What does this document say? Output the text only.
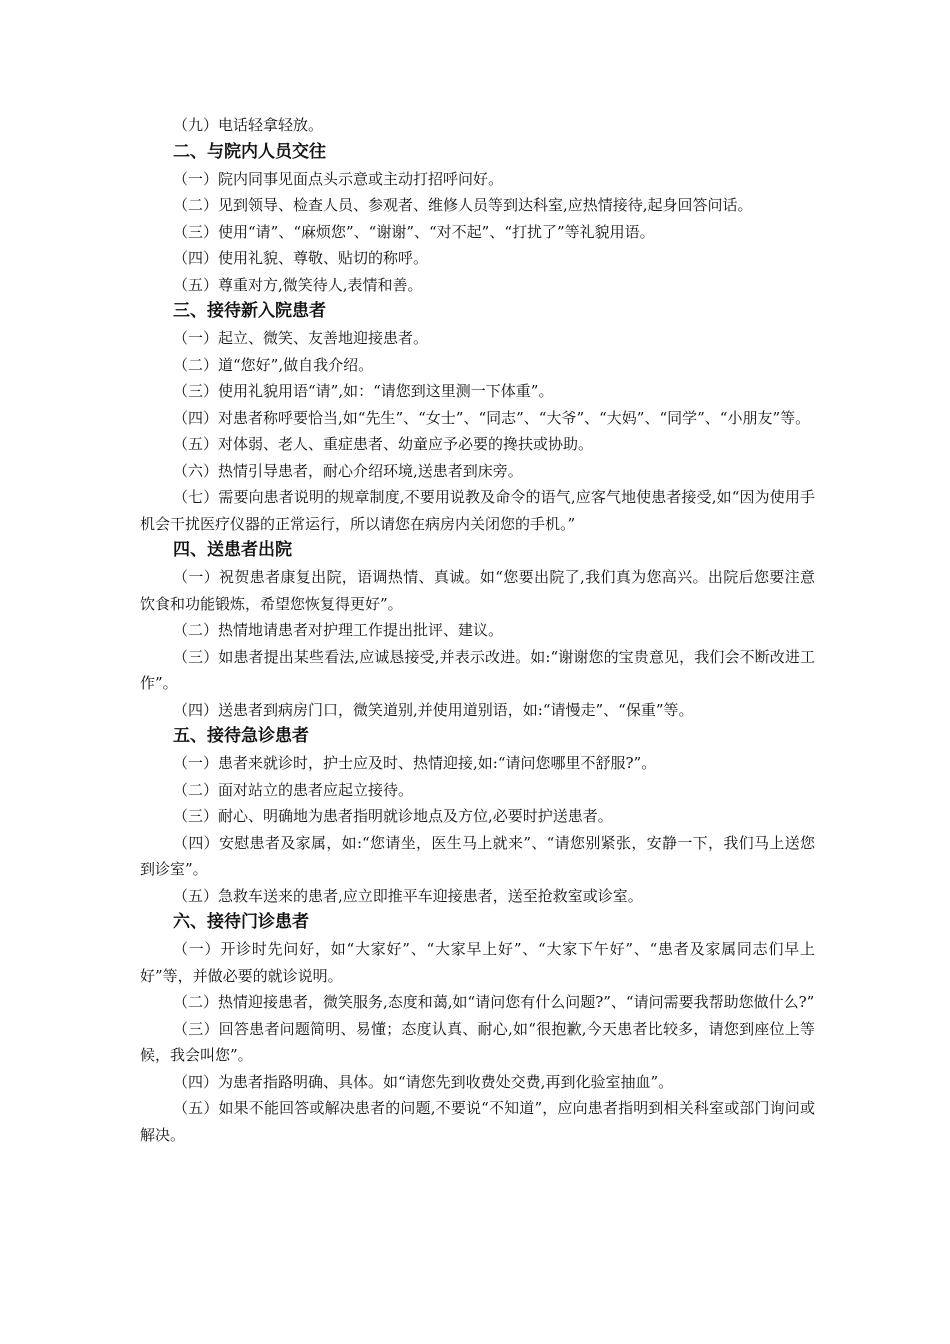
（九）电话轻拿轻放。

二、与院内人员交往

（一）院内同事见面点头示意或主动打招呼问好。

（二）见到领导、检查人员、参观者、维修人员等到达科室,应热情接待,起身回答问话。

（三）使用“请”、“麻烦您”、“谢谢”、“对不起”、“打扰了”等礼貌用语。

（四）使用礼貌、尊敬、贴切的称呼。

（五）尊重对方,微笑待人,表情和善。

三、接待新入院患者

（一）起立、微笑、友善地迎接患者。

（二）道“您好”,做自我介绍。

（三）使用礼貌用语“请”,如：“请您到这里测一下体重”。

（四）对患者称呼要恰当,如“先生”、“女士”、“同志”、“大爷”、“大妈”、“同学”、“小朋友”等。

（五）对体弱、老人、重症患者、幼童应予必要的搀扶或协助。

（六）热情引导患者，耐心介绍环境,送患者到床旁。

（七）需要向患者说明的规章制度,不要用说教及命令的语气,应客气地使患者接受,如“因为使用手机会干扰医疗仪器的正常运行，所以请您在病房内关闭您的手机。”

四、送患者出院

（一）祝贺患者康复出院，语调热情、真诚。如“您要出院了,我们真为您高兴。出院后您要注意饮食和功能锻炼，希望您恢复得更好”。

（二）热情地请患者对护理工作提出批评、建议。

（三）如患者提出某些看法,应诚恳接受,并表示改进。如:“谢谢您的宝贵意见，我们会不断改进工作”。

（四）送患者到病房门口，微笑道别,并使用道别语，如:“请慢走”、“保重”等。

五、接待急诊患者

（一）患者来就诊时，护士应及时、热情迎接,如:“请问您哪里不舒服?”。

（二）面对站立的患者应起立接待。

（三）耐心、明确地为患者指明就诊地点及方位,必要时护送患者。

（四）安慰患者及家属，如:“您请坐，医生马上就来”、“请您别紧张，安静一下，我们马上送您到诊室”。

（五）急救车送来的患者,应立即推平车迎接患者，送至抢救室或诊室。

六、接待门诊患者

（一）开诊时先问好，如“大家好”、“大家早上好”、“大家下午好”、“患者及家属同志们早上好”等，并做必要的就诊说明。

（二）热情迎接患者，微笑服务,态度和蔼,如“请问您有什么问题?”、“请问需要我帮助您做什么?”

（三）回答患者问题简明、易懂；态度认真、耐心,如“很抱歉,今天患者比较多，请您到座位上等候，我会叫您”。

（四）为患者指路明确、具体。如“请您先到收费处交费,再到化验室抽血”。

（五）如果不能回答或解决患者的问题,不要说“不知道”，应向患者指明到相关科室或部门询问或解决。
